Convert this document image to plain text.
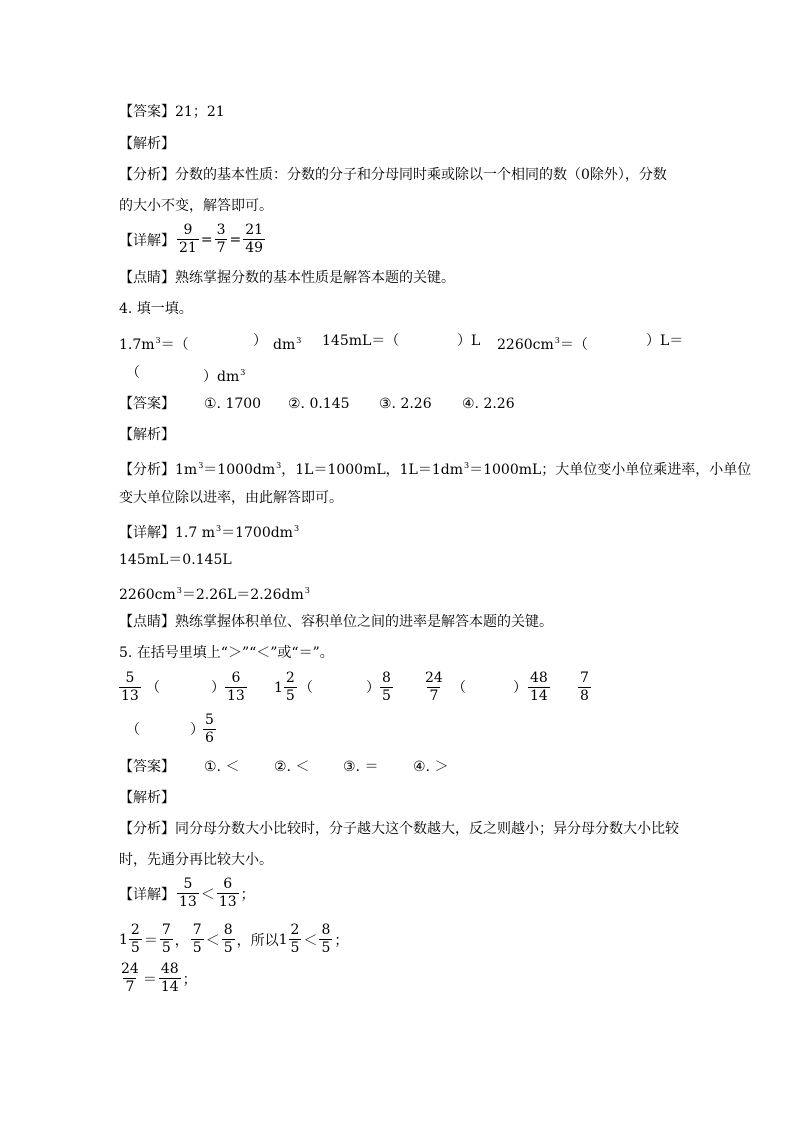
【答案】21；21
【解析】
【分析】分数的基本性质：分数的分子和分母同时乘或除以一个相同的数（0除外），分数
的大小不变，解答即可。
【详解】 $\frac{9}{21} = \frac{3}{7} = \frac{21}{49}$
【点睛】熟练掌握分数的基本性质是解答本题的关键。
4. 填一填。
$1.7m^3=$（	） $dm^3$ 145mL＝（	）L $2260cm^3=$（	）L＝
（	）$dm^3$
【答案】 ①. 1700 ②. 0.145 ③. 2.26 ④. 2.26
【解析】
【分析】$1m^3=1000dm^3$，1L＝1000mL，$1L=1dm^3=1000mL$；大单位变小单位乘进率，小单位
变大单位除以进率，由此解答即可。
【详解】1.7 $m^3=1700dm^3$
145mL＝0.145L
$2260cm^3=2.26L=2.26dm^3$
【点睛】熟练掌握体积单位、容积单位之间的进率是解答本题的关键。
5. 在括号里填上“＞”“＜”或“＝”。
$\frac{5}{13}$ （	） $\frac{6}{13} 1 \frac{2}{5}$ （	） $\frac{8}{5} \frac{24}{7}$ （	） $\frac{48}{14} \frac{7}{8}$
（	） $\frac{5}{6}$
【答案】 ①. ＜ ②. ＜ ③. ＝ ④. ＞
【解析】
【分析】同分母分数大小比较时，分子越大这个数越大，反之则越小；异分母分数大小比较
时，先通分再比较大小。
【详解】 $\frac{5}{13} < \frac{6}{13}$ ；
$1 \frac{2}{5} = \frac{7}{5}$ ， $\frac{7}{5} < \frac{8}{5}$ ， 所以 $1 \frac{2}{5} < \frac{8}{5}$ ；
$\frac{24}{7} = \frac{48}{14}$ ；
